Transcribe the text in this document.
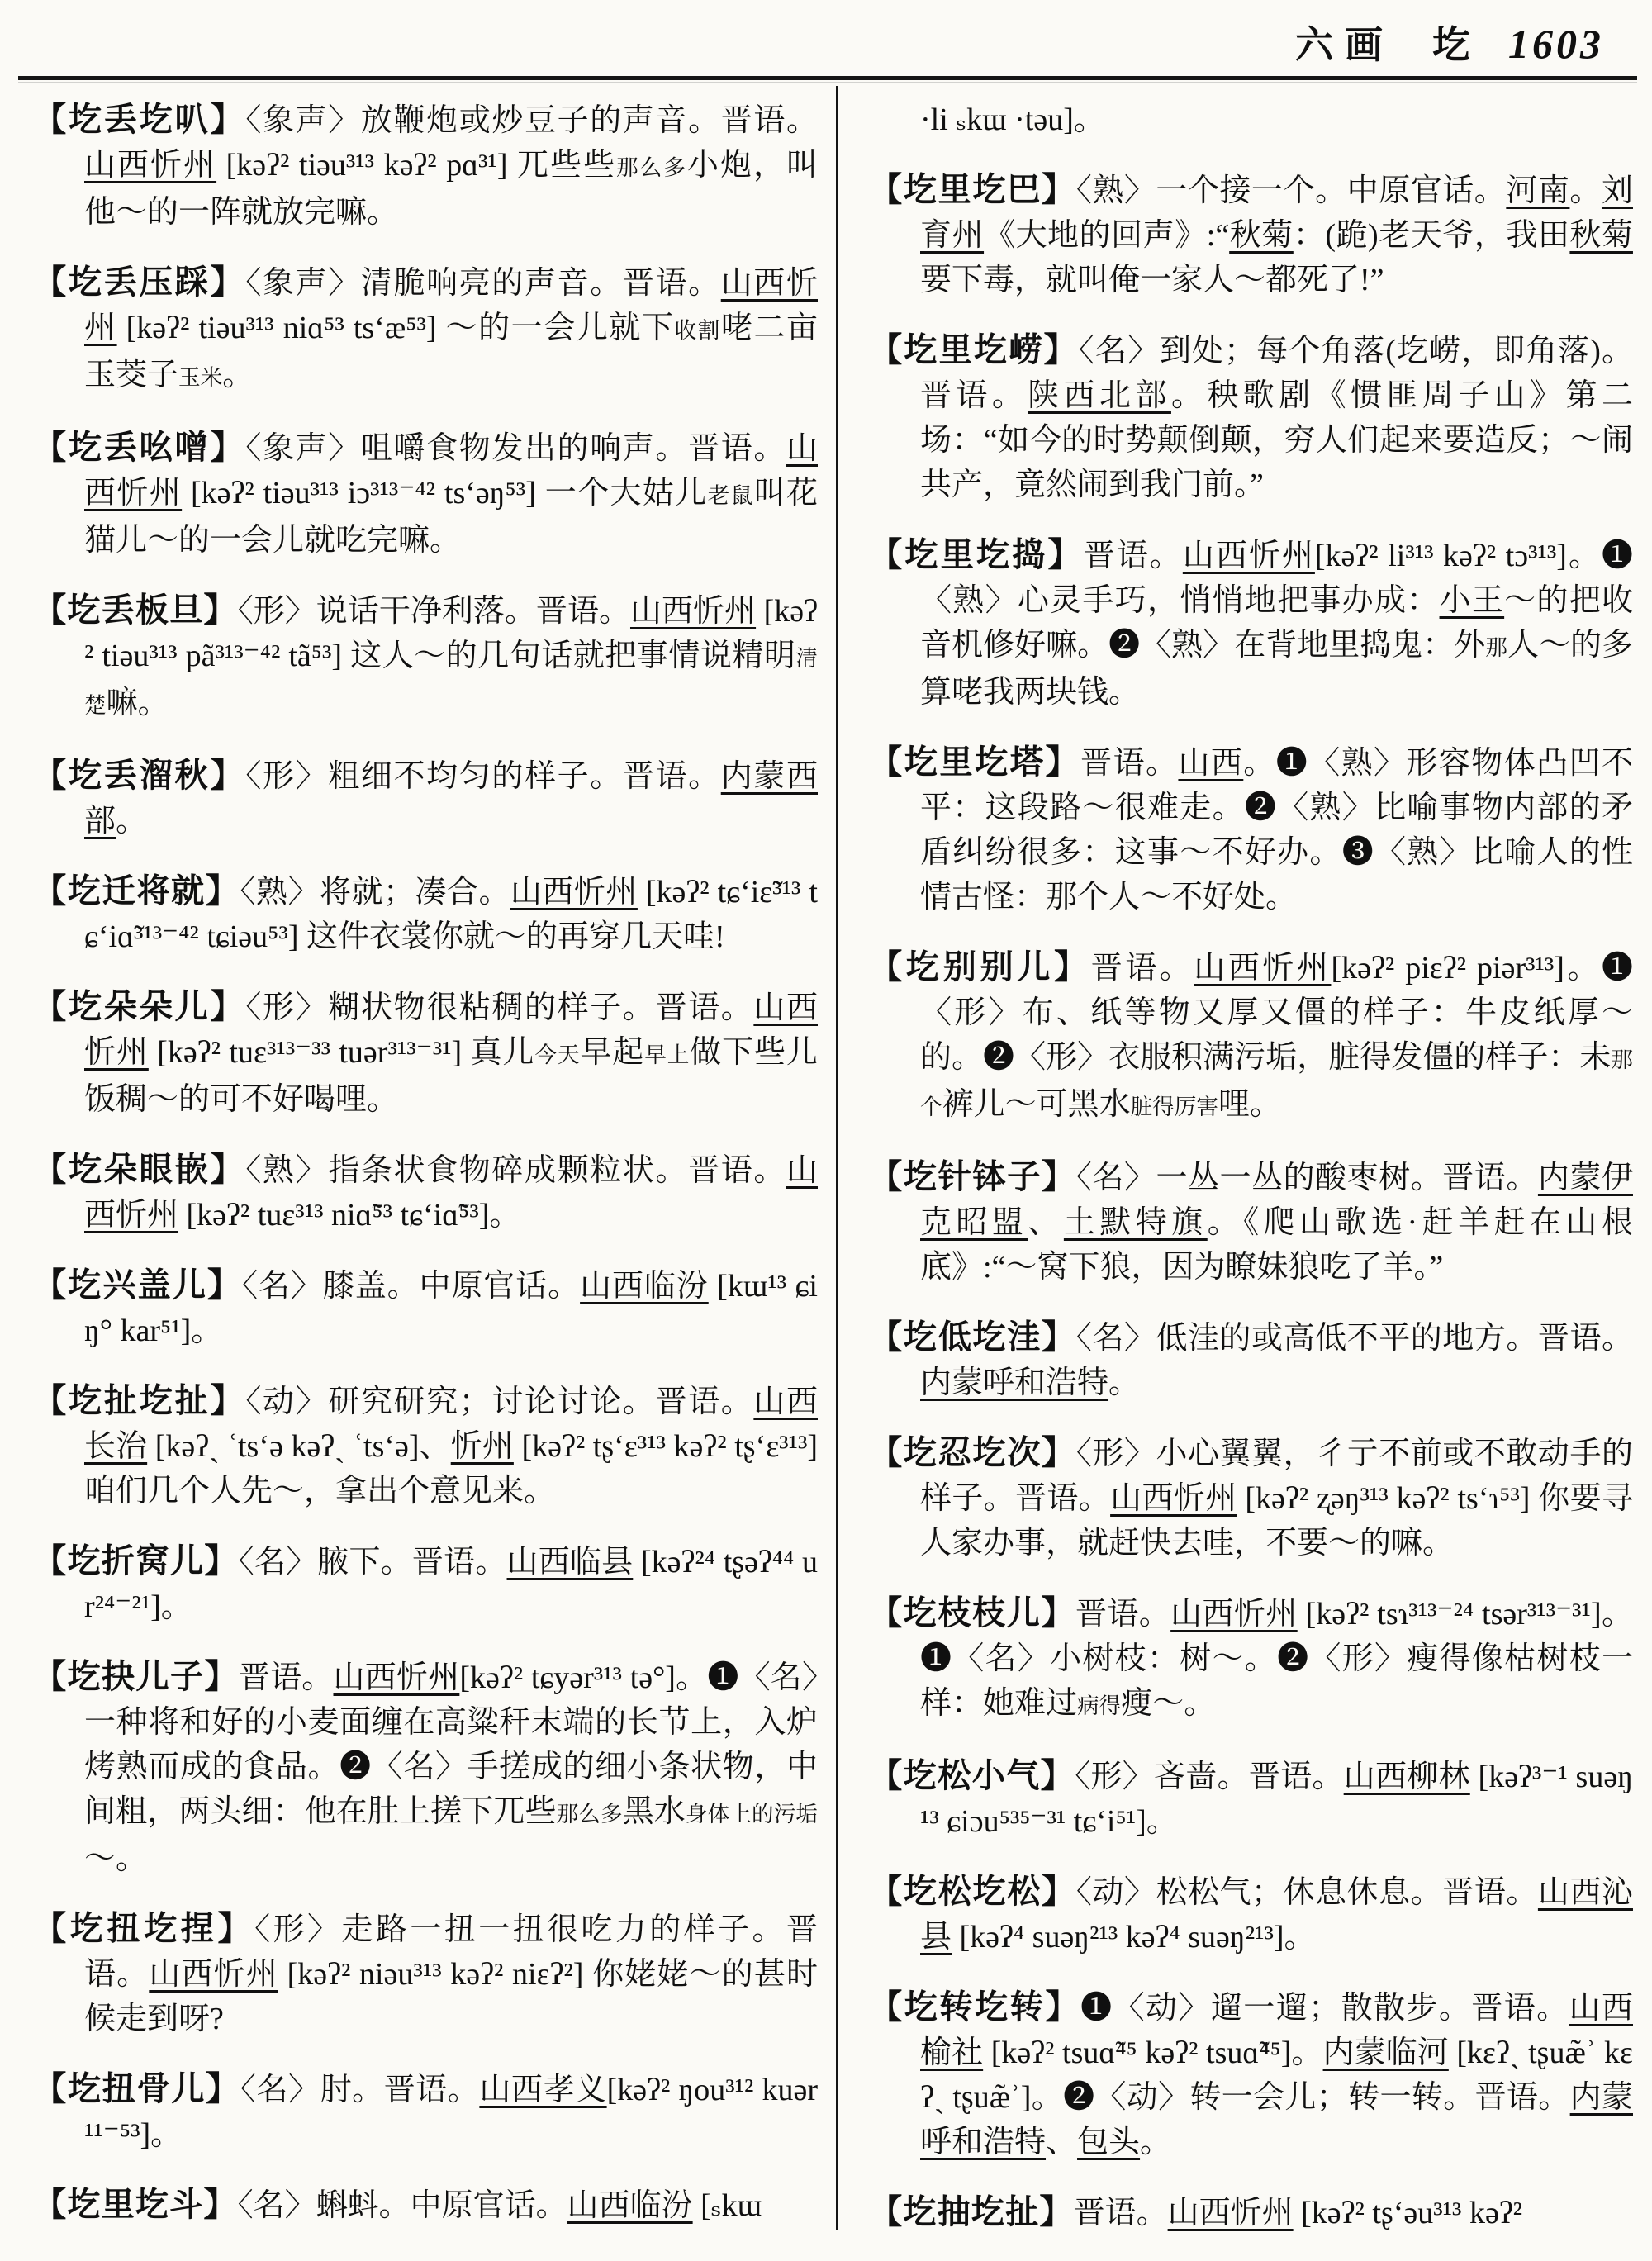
六画 圪 1603
【圪丢圪叭】〈象声〉放鞭炮或炒豆子的声音。晋语。山西忻州 [kəʔ² tiəu³¹³ kəʔ² pɑ³¹] 兀些些那么多小炮，叫他～的一阵就放完嘛。
【圪丢压踩】〈象声〉清脆响亮的声音。晋语。山西忻州 [kəʔ² tiəu³¹³ niɑ⁵³ tsʻæ⁵³] ～的一会儿就下收割咾二亩玉茭子玉米。
【圪丢吆噌】〈象声〉咀嚼食物发出的响声。晋语。山西忻州 [kəʔ² tiəu³¹³ iɔ³¹³⁻⁴² tsʻəŋ⁵³] 一个大姑儿老鼠叫花猫儿～的一会儿就吃完嘛。
【圪丢板旦】〈形〉说话干净利落。晋语。山西忻州 [kəʔ² tiəu³¹³ pã³¹³⁻⁴² tã⁵³] 这人～的几句话就把事情说精明清楚嘛。
【圪丢溜秋】〈形〉粗细不均匀的样子。晋语。内蒙西部。
【圪迁将就】〈熟〉将就；凑合。山西忻州 [kəʔ² tɕʻiɛ̃³¹³ tɕʻiɑ̃³¹³⁻⁴² tɕiəu⁵³] 这件衣裳你就～的再穿几天哇!
【圪朵朵儿】〈形〉糊状物很粘稠的样子。晋语。山西忻州 [kəʔ² tuɛ³¹³⁻³³ tuər³¹³⁻³¹] 真儿今天早起早上做下些儿饭稠～的可不好喝哩。
【圪朵眼嵌】〈熟〉指条状食物碎成颗粒状。晋语。山西忻州 [kəʔ² tuɛ³¹³ niɑ̃⁵³ tɕʻiɑ̃⁵³]。
【圪兴盖儿】〈名〉膝盖。中原官话。山西临汾 [kɯ¹³ ɕiŋ° kar⁵¹]。
【圪扯圪扯】〈动〉研究研究；讨论讨论。晋语。山西长治 [kəʔˏ ʿtsʻə kəʔˏ ʿtsʻə]、忻州 [kəʔ² tʂʻɛ³¹³ kəʔ² tʂʻɛ³¹³] 咱们几个人先～，拿出个意见来。
【圪折窝儿】〈名〉腋下。晋语。山西临县 [kəʔ²⁴ tʂəʔ⁴⁴ ur²⁴⁻²¹]。
【圪抉儿子】晋语。山西忻州[kəʔ² tɕyər³¹³ tə°]。❶〈名〉一种将和好的小麦面缠在高粱秆末端的长节上，入炉烤熟而成的食品。❷〈名〉手搓成的细小条状物，中间粗，两头细：他在肚上搓下兀些那么多黑水身体上的污垢～。
【圪扭圪捏】〈形〉走路一扭一扭很吃力的样子。晋语。山西忻州 [kəʔ² niəu³¹³ kəʔ² niɛʔ²] 你姥姥～的甚时候走到呀?
【圪扭骨儿】〈名〉肘。晋语。山西孝义[kəʔ² ŋou³¹² kuər¹¹⁻⁵³]。
【圪里圪斗】〈名〉蝌蚪。中原官话。山西临汾 [ₛkɯ
·li ₛkɯ ·təu]。
【圪里圪巴】〈熟〉一个接一个。中原官话。河南。刘育州《大地的回声》:“秋菊：(跪)老天爷，我田秋菊要下毒，就叫俺一家人～都死了!”
【圪里圪崂】〈名〉到处；每个角落(圪崂，即角落)。晋语。陕西北部。秧歌剧《惯匪周子山》第二场：“如今的时势颠倒颠，穷人们起来要造反；～闹共产，竟然闹到我门前。”
【圪里圪捣】晋语。山西忻州[kəʔ² li³¹³ kəʔ² tɔ³¹³]。❶〈熟〉心灵手巧，悄悄地把事办成：小王～的把收音机修好嘛。❷〈熟〉在背地里捣鬼：外那人～的多算咾我两块钱。
【圪里圪塔】晋语。山西。❶〈熟〉形容物体凸凹不平：这段路～很难走。❷〈熟〉比喻事物内部的矛盾纠纷很多：这事～不好办。❸〈熟〉比喻人的性情古怪：那个人～不好处。
【圪别别儿】晋语。山西忻州[kəʔ² piɛʔ² piər³¹³]。❶〈形〉布、纸等物又厚又僵的样子：牛皮纸厚～的。❷〈形〉衣服积满污垢，脏得发僵的样子：未那个裤儿～可黑水脏得厉害哩。
【圪针钵子】〈名〉一丛一丛的酸枣树。晋语。内蒙伊克昭盟、土默特旗。《爬山歌选·赶羊赶在山根底》:“～窝下狼，因为瞭妹狼吃了羊。”
【圪低圪洼】〈名〉低洼的或高低不平的地方。晋语。内蒙呼和浩特。
【圪忍圪次】〈形〉小心翼翼，彳亍不前或不敢动手的样子。晋语。山西忻州 [kəʔ² ʐəŋ³¹³ kəʔ² tsʻɿ⁵³] 你要寻人家办事，就赶快去哇，不要～的嘛。
【圪枝枝儿】晋语。山西忻州 [kəʔ² tsɿ³¹³⁻²⁴ tsər³¹³⁻³¹]。❶〈名〉小树枝：树～。❷〈形〉瘦得像枯树枝一样：她难过病得瘦～。
【圪松小气】〈形〉吝啬。晋语。山西柳林 [kəʔ³⁻¹ suəŋ¹³ ɕiɔu⁵³⁵⁻³¹ tɕʻi⁵¹]。
【圪松圪松】〈动〉松松气；休息休息。晋语。山西沁县 [kəʔ⁴ suəŋ²¹³ kəʔ⁴ suəŋ²¹³]。
【圪转圪转】❶〈动〉遛一遛；散散步。晋语。山西榆社 [kəʔ² tsuɑ̃⁴⁵ kəʔ² tsuɑ̃⁴⁵]。内蒙临河 [kɛʔˏ tʂuæ̃ʾ kɛʔˏ tʂuæ̃ʾ]。❷〈动〉转一会儿；转一转。晋语。内蒙呼和浩特、包头。
【圪抽圪扯】晋语。山西忻州 [kəʔ² tʂʻəu³¹³ kəʔ²
